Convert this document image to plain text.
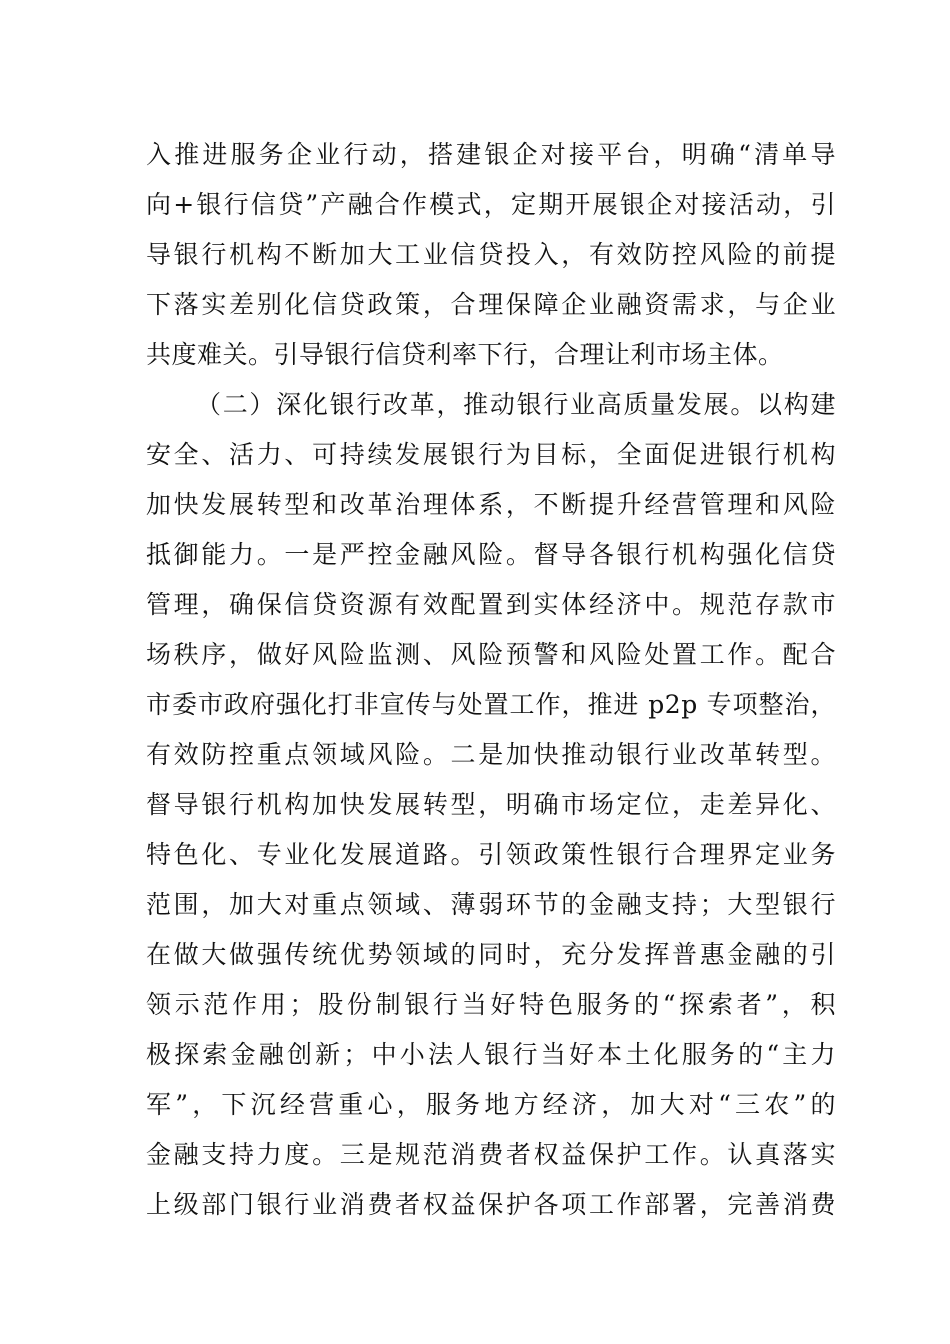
入推进服务企业行动，搭建银企对接平台，明确“清单导
向+银行信贷”产融合作模式，定期开展银企对接活动，引
导银行机构不断加大工业信贷投入，有效防控风险的前提
下落实差别化信贷政策，合理保障企业融资需求，与企业
共度难关。引导银行信贷利率下行，合理让利市场主体。
（二）深化银行改革，推动银行业高质量发展。以构建
安全、活力、可持续发展银行为目标，全面促进银行机构
加快发展转型和改革治理体系，不断提升经营管理和风险
抵御能力。一是严控金融风险。督导各银行机构强化信贷
管理，确保信贷资源有效配置到实体经济中。规范存款市
场秩序，做好风险监测、风险预警和风险处置工作。配合
市委市政府强化打非宣传与处置工作，推进 p2p 专项整治，
有效防控重点领域风险。二是加快推动银行业改革转型。
督导银行机构加快发展转型，明确市场定位，走差异化、
特色化、专业化发展道路。引领政策性银行合理界定业务
范围，加大对重点领域、薄弱环节的金融支持；大型银行
在做大做强传统优势领域的同时，充分发挥普惠金融的引
领示范作用；股份制银行当好特色服务的“探索者”，积
极探索金融创新；中小法人银行当好本土化服务的“主力
军”，下沉经营重心，服务地方经济，加大对“三农”的
金融支持力度。三是规范消费者权益保护工作。认真落实
上级部门银行业消费者权益保护各项工作部署，完善消费
